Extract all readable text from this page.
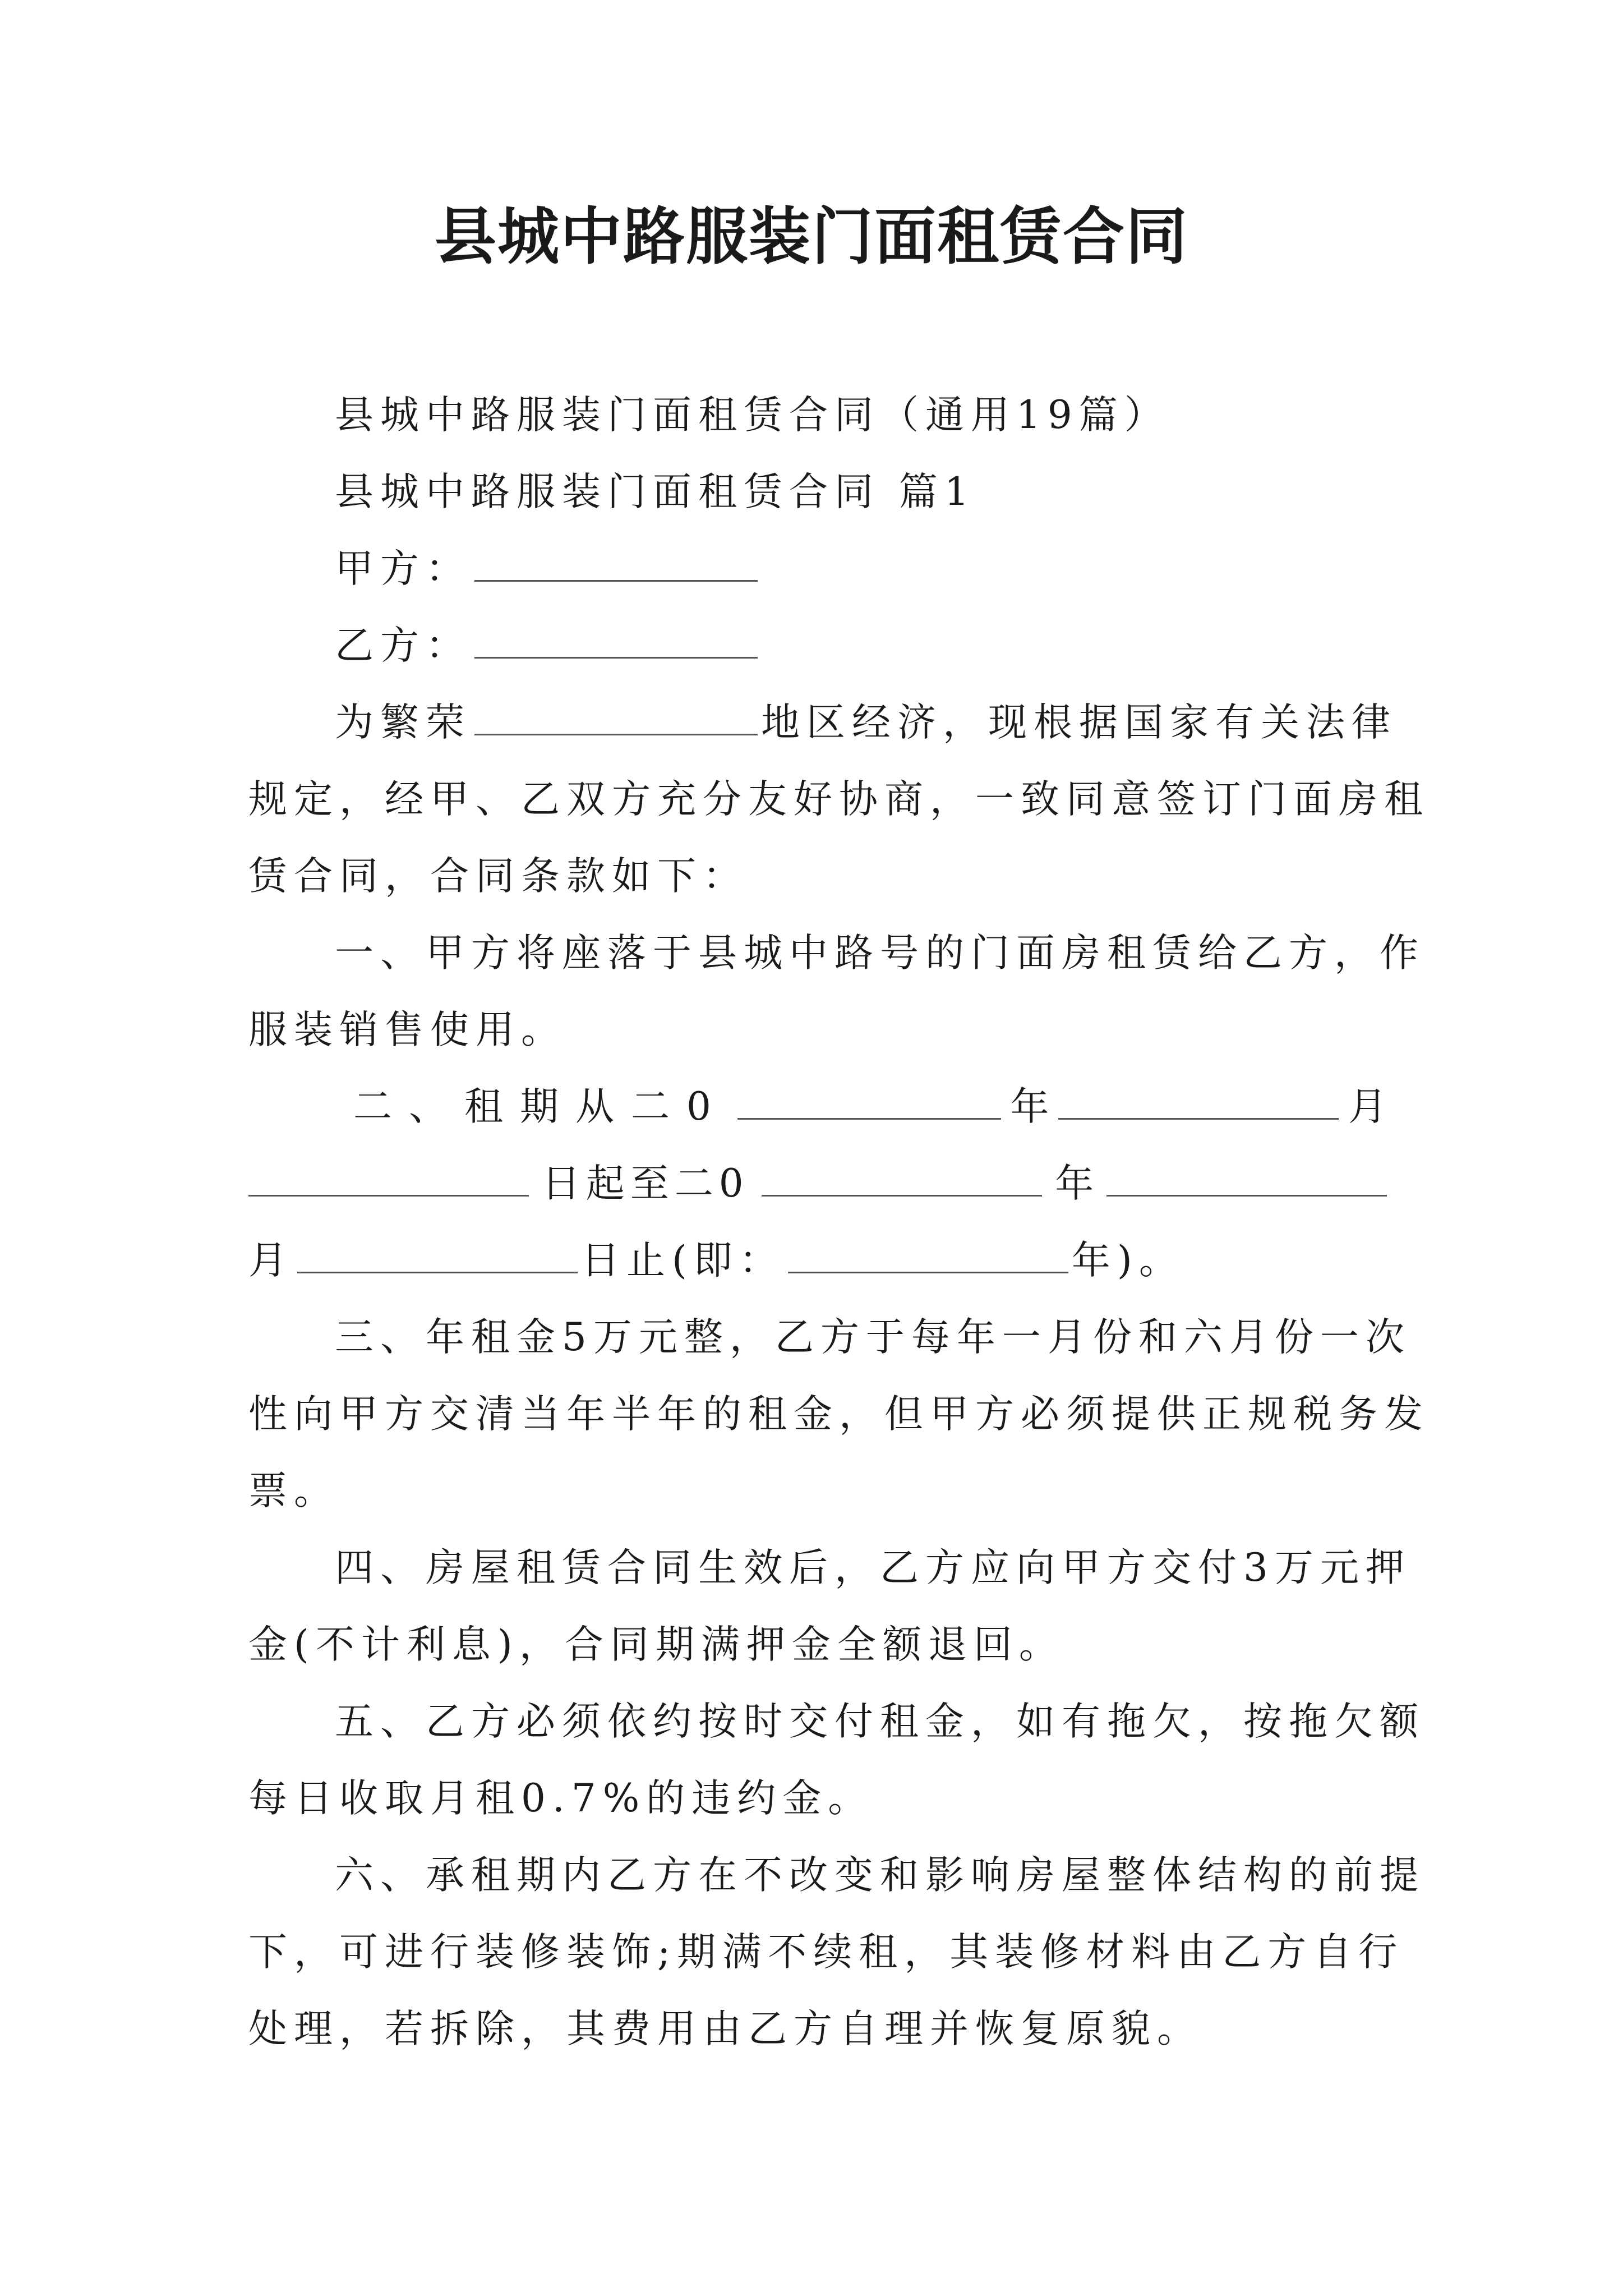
县城中路服装门面租赁合同
县城中路服装门面租赁合同（通用19篇）
县城中路服装门面租赁合同 篇1
甲方：
乙方：
为繁荣	地区经济，现根据国家有关法律
规定，经甲、乙双方充分友好协商，一致同意签订门面房租
赁合同，合同条款如下：
一、甲方将座落于县城中路号的门面房租赁给乙方，作
服装销售使用。
二、租期从二0	年	月
日起至二0	年
月	日止(即：	年)。
三、年租金5万元整，乙方于每年一月份和六月份一次
性向甲方交清当年半年的租金，但甲方必须提供正规税务发
票。
四、房屋租赁合同生效后，乙方应向甲方交付3万元押
金(不计利息)，合同期满押金全额退回。
五、乙方必须依约按时交付租金，如有拖欠，按拖欠额
每日收取月租0.7%的违约金。
六、承租期内乙方在不改变和影响房屋整体结构的前提
下，可进行装修装饰;期满不续租，其装修材料由乙方自行
处理，若拆除，其费用由乙方自理并恢复原貌。
